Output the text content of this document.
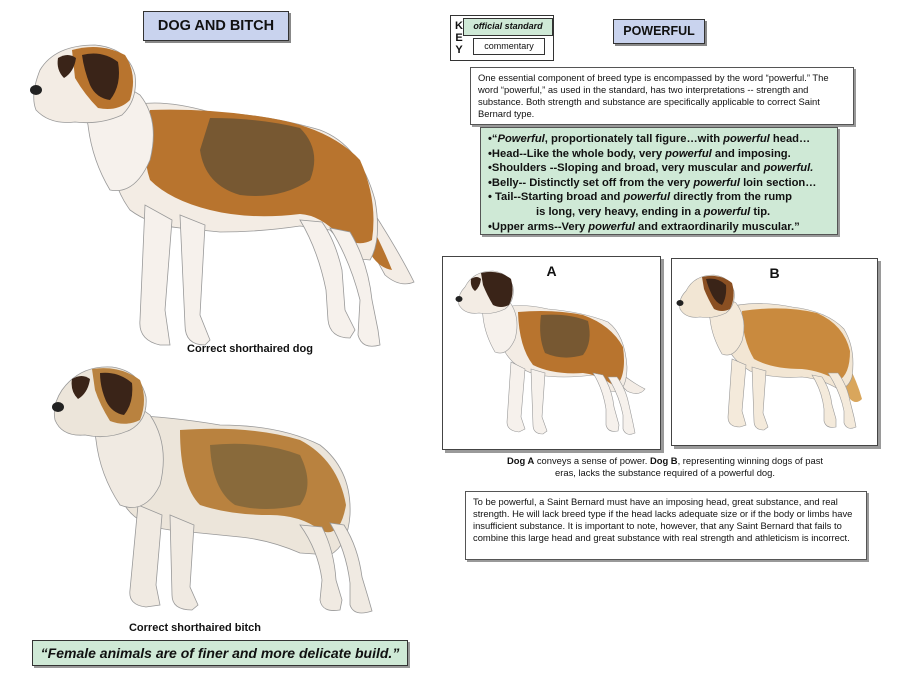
DOG AND BITCH
Correct shorthaired dog
Correct shorthaired bitch
“Female animals are of finer and more delicate build.”
K
E
Y
official standard
commentary
POWERFUL
One essential component of breed type is encompassed by the word “powerful.” The word “powerful,” as used in the standard, has two interpretations -- strength and substance. Both strength and substance are specifically applicable to correct Saint Bernard type.
•“Powerful, proportionately tall figure…with powerful head…
•Head--Like the whole body, very powerful and imposing.
•Shoulders --Sloping and broad, very muscular and powerful.
•Belly-- Distinctly set off from the very powerful loin section…
• Tail--Starting broad and powerful directly from the rump
is long, very heavy, ending in a powerful tip.
•Upper arms--Very powerful and extraordinarily muscular.”
A	B
Dog A conveys a sense of power. Dog B, representing winning dogs of past eras, lacks the substance required of a powerful dog.
To be powerful, a Saint Bernard must have an imposing head, great substance, and real strength. He will lack breed type if the head lacks adequate size or if the body or limbs have insufficient substance. It is important to note, however, that any Saint Bernard that fails to combine this large head and great substance with real strength and athleticism is incorrect.
